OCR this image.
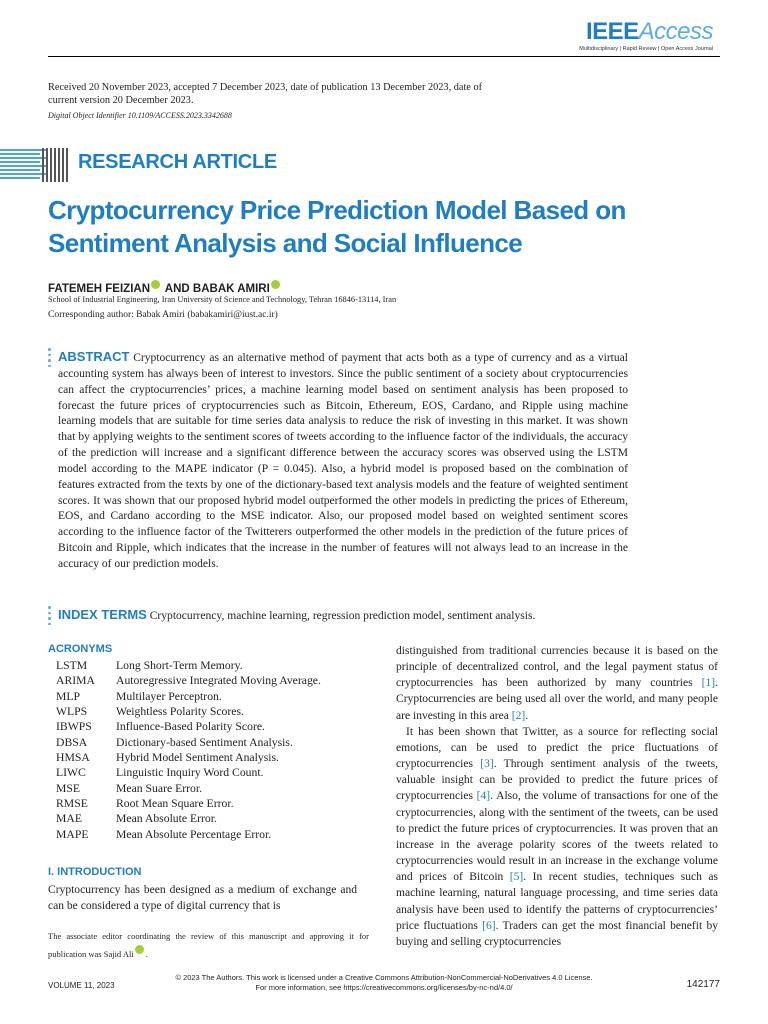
IEEEAccess
Multidisciplinary | Rapid Review | Open Access Journal
Received 20 November 2023, accepted 7 December 2023, date of publication 13 December 2023, date of current version 20 December 2023.
Digital Object Identifier 10.1109/ACCESS.2023.3342688
RESEARCH ARTICLE
Cryptocurrency Price Prediction Model Based on Sentiment Analysis and Social Influence
FATEMEH FEIZIAN AND BABAK AMIRI
School of Industrial Engineering, Iran University of Science and Technology, Tehran 16846-13114, Iran
Corresponding author: Babak Amiri (babakamiri@iust.ac.ir)
ABSTRACT Cryptocurrency as an alternative method of payment that acts both as a type of currency and as a virtual accounting system has always been of interest to investors. Since the public sentiment of a society about cryptocurrencies can affect the cryptocurrencies’ prices, a machine learning model based on sentiment analysis has been proposed to forecast the future prices of cryptocurrencies such as Bitcoin, Ethereum, EOS, Cardano, and Ripple using machine learning models that are suitable for time series data analysis to reduce the risk of investing in this market. It was shown that by applying weights to the sentiment scores of tweets according to the influence factor of the individuals, the accuracy of the prediction will increase and a significant difference between the accuracy scores was observed using the LSTM model according to the MAPE indicator (P = 0.045). Also, a hybrid model is proposed based on the combination of features extracted from the texts by one of the dictionary-based text analysis models and the feature of weighted sentiment scores. It was shown that our proposed hybrid model outperformed the other models in predicting the prices of Ethereum, EOS, and Cardano according to the MSE indicator. Also, our proposed model based on weighted sentiment scores according to the influence factor of the Twitterers outperformed the other models in the prediction of the future prices of Bitcoin and Ripple, which indicates that the increase in the number of features will not always lead to an increase in the accuracy of our prediction models.
INDEX TERMS Cryptocurrency, machine learning, regression prediction model, sentiment analysis.
ACRONYMS
LSTM	Long Short-Term Memory.
ARIMA	Autoregressive Integrated Moving Average.
MLP	Multilayer Perceptron.
WLPS	Weightless Polarity Scores.
IBWPS	Influence-Based Polarity Score.
DBSA	Dictionary-based Sentiment Analysis.
HMSA	Hybrid Model Sentiment Analysis.
LIWC	Linguistic Inquiry Word Count.
MSE	Mean Suare Error.
RMSE	Root Mean Square Error.
MAE	Mean Absolute Error.
MAPE	Mean Absolute Percentage Error.
I. INTRODUCTION
Cryptocurrency has been designed as a medium of exchange and can be considered a type of digital currency that is
The associate editor coordinating the review of this manuscript and approving it for publication was Sajid Ali .

distinguished from traditional currencies because it is based on the principle of decentralized control, and the legal payment status of cryptocurrencies has been authorized by many countries [1]. Cryptocurrencies are being used all over the world, and many people are investing in this area [2].

It has been shown that Twitter, as a source for reflecting social emotions, can be used to predict the price fluctuations of cryptocurrencies [3]. Through sentiment analysis of the tweets, valuable insight can be provided to predict the future prices of cryptocurrencies [4]. Also, the volume of transactions for one of the cryptocurrencies, along with the sentiment of the tweets, can be used to predict the future prices of cryptocurrencies. It was proven that an increase in the average polarity scores of the tweets related to cryptocurrencies would result in an increase in the exchange volume and prices of Bitcoin [5]. In recent studies, techniques such as machine learning, natural language processing, and time series data analysis have been used to identify the patterns of cryptocurrencies’ price fluctuations [6]. Traders can get the most financial benefit by buying and selling cryptocurrencies

© 2023 The Authors. This work is licensed under a Creative Commons Attribution-NonCommercial-NoDerivatives 4.0 License.
For more information, see https://creativecommons.org/licenses/by-nc-nd/4.0/
VOLUME 11, 2023	142177
